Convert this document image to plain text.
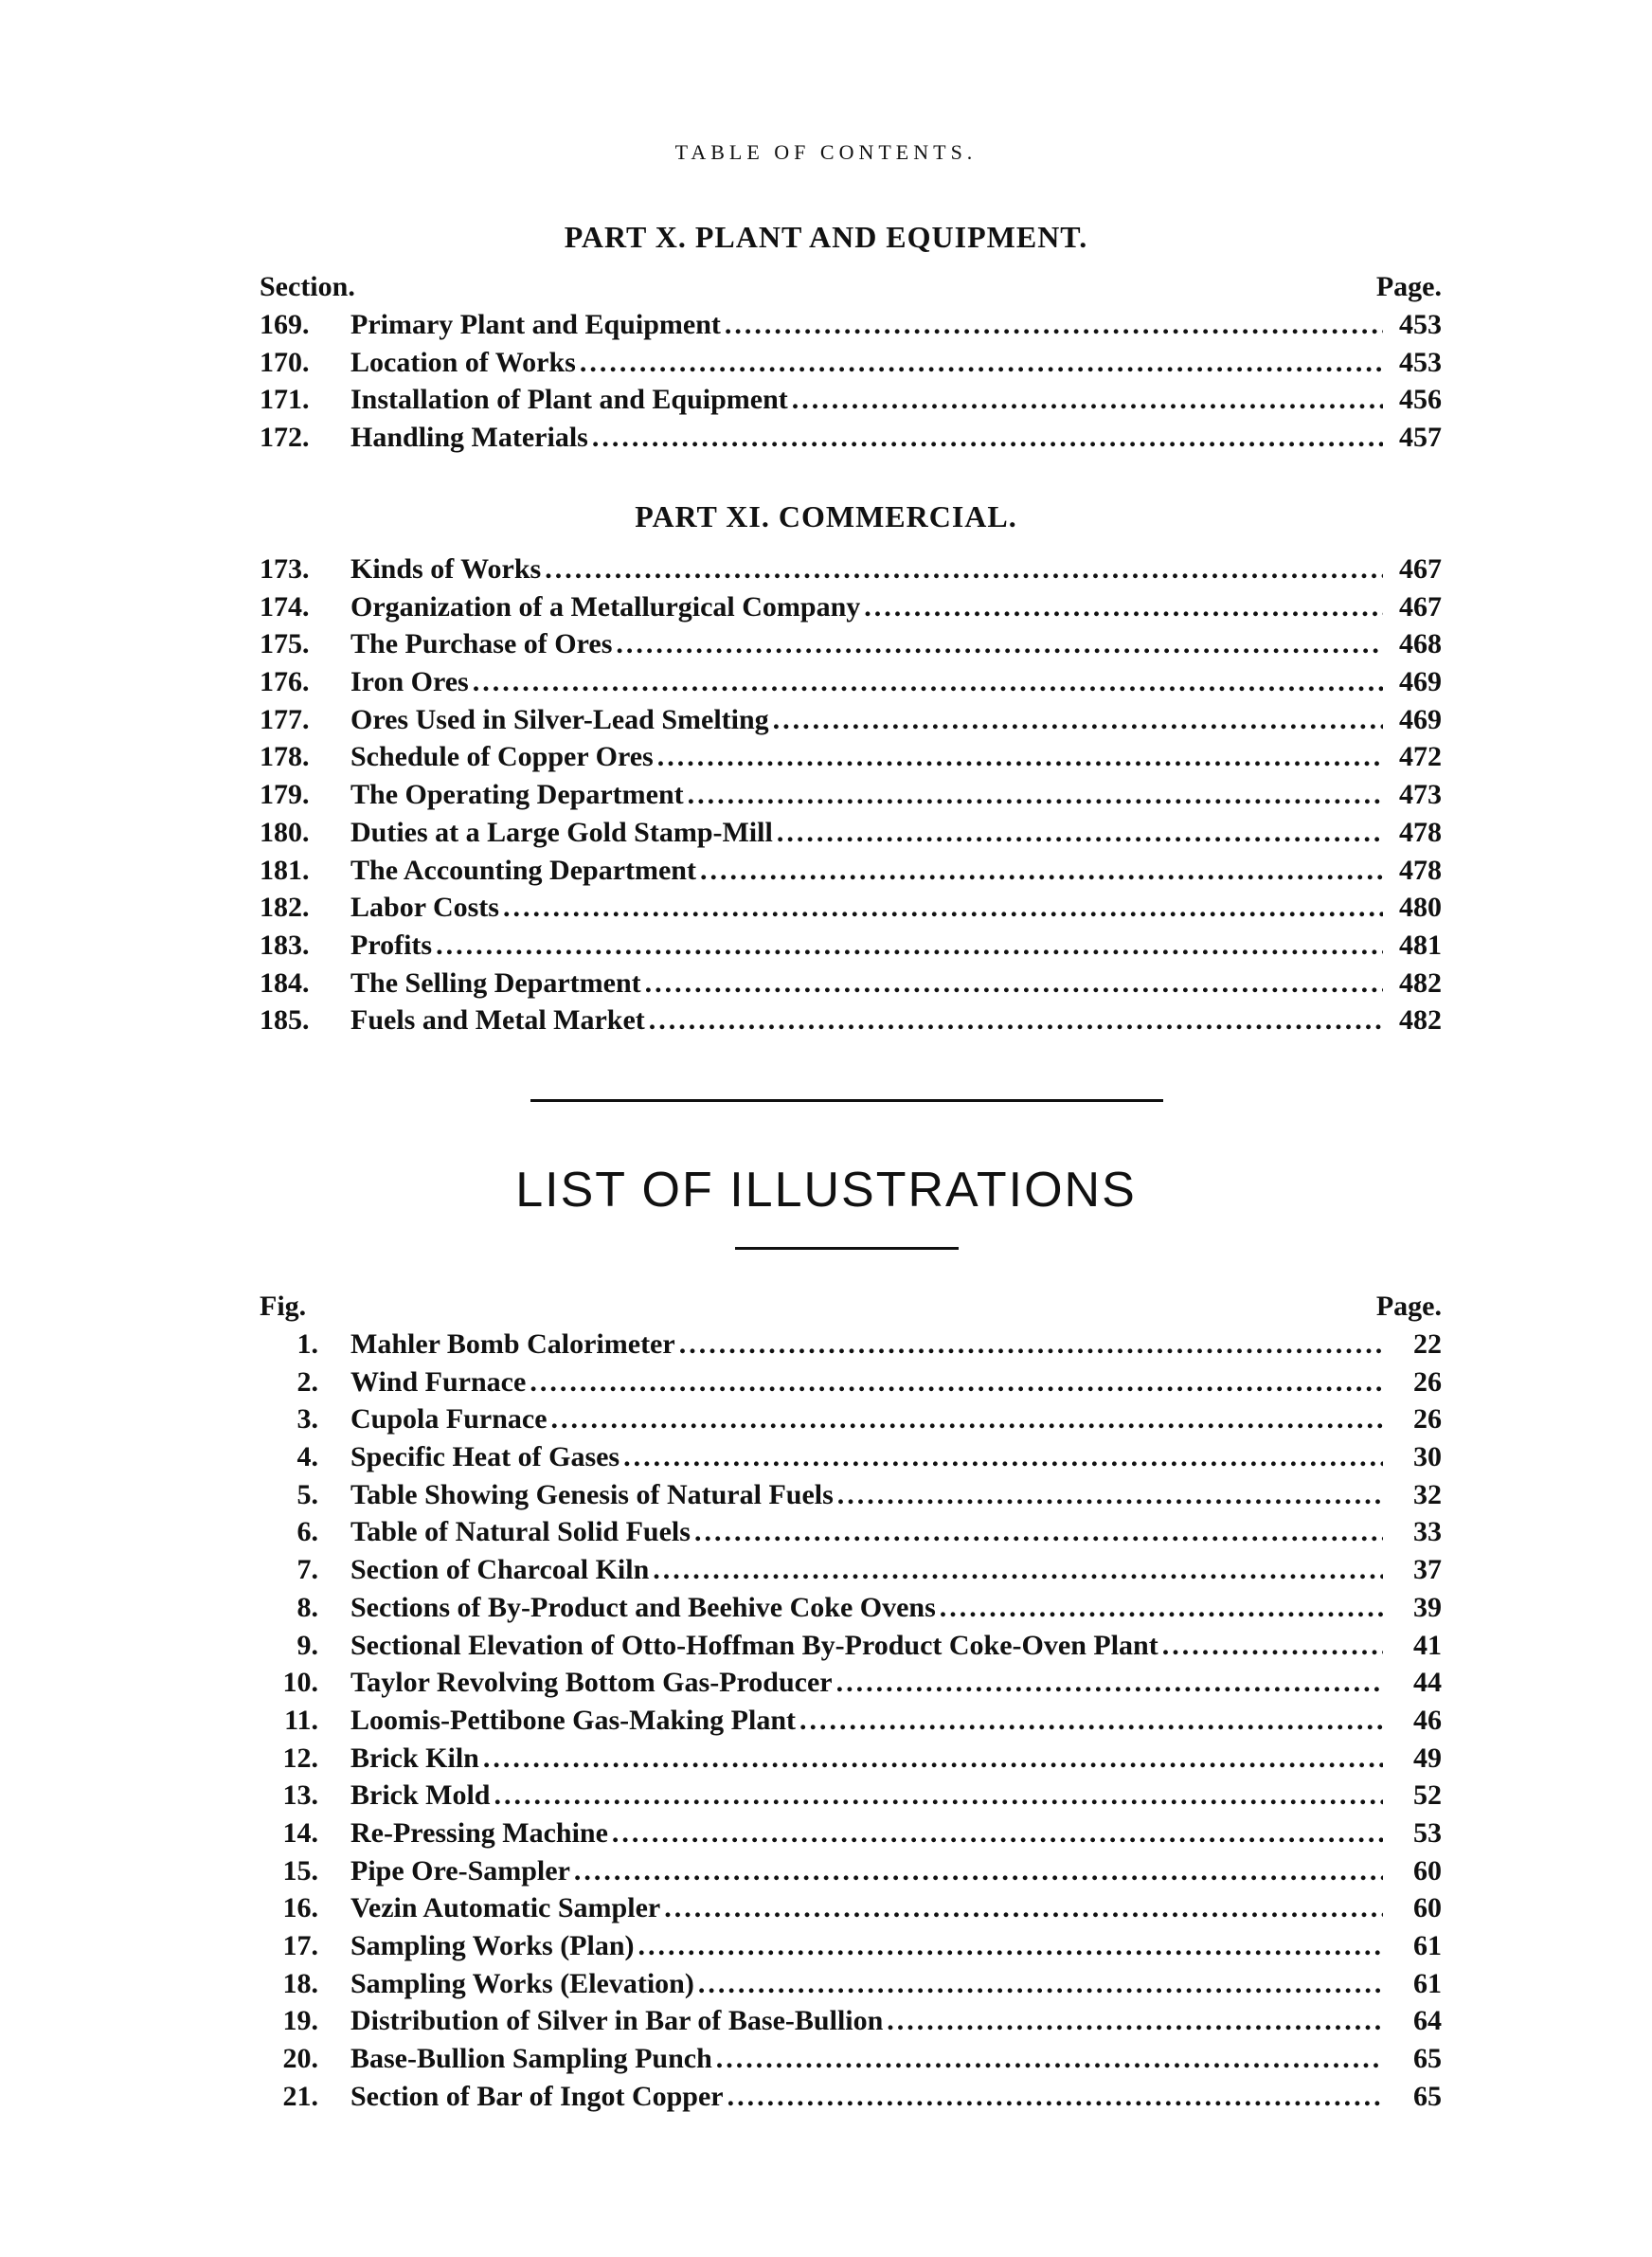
TABLE OF CONTENTS.
PART X. PLANT AND EQUIPMENT.
Section.	Page.
169.	Primary Plant and Equipment .....	453
170.	Location of Works .....	453
171.	Installation of Plant and Equipment .....	456
172.	Handling Materials .....	457
PART XI. COMMERCIAL.
173.	Kinds of Works .....	467
174.	Organization of a Metallurgical Company .....	467
175.	The Purchase of Ores .....	468
176.	Iron Ores .....	469
177.	Ores Used in Silver-Lead Smelting .....	469
178.	Schedule of Copper Ores .....	472
179.	The Operating Department .....	473
180.	Duties at a Large Gold Stamp-Mill .....	478
181.	The Accounting Department .....	478
182.	Labor Costs .....	480
183.	Profits .....	481
184.	The Selling Department .....	482
185.	Fuels and Metal Market .....	482
LIST OF ILLUSTRATIONS
Fig.	Page.
1. Mahler Bomb Calorimeter .....	22
2. Wind Furnace .....	26
3. Cupola Furnace .....	26
4. Specific Heat of Gases .....	30
5. Table Showing Genesis of Natural Fuels .....	32
6. Table of Natural Solid Fuels .....	33
7. Section of Charcoal Kiln .....	37
8. Sections of By-Product and Beehive Coke Ovens .....	39
9. Sectional Elevation of Otto-Hoffman By-Product Coke-Oven Plant .....	41
10. Taylor Revolving Bottom Gas-Producer .....	44
11. Loomis-Pettibone Gas-Making Plant .....	46
12. Brick Kiln .....	49
13. Brick Mold .....	52
14. Re-Pressing Machine .....	53
15. Pipe Ore-Sampler .....	60
16. Vezin Automatic Sampler .....	60
17. Sampling Works (Plan) .....	61
18. Sampling Works (Elevation) .....	61
19. Distribution of Silver in Bar of Base-Bullion .....	64
20. Base-Bullion Sampling Punch .....	65
21. Section of Bar of Ingot Copper .....	65
